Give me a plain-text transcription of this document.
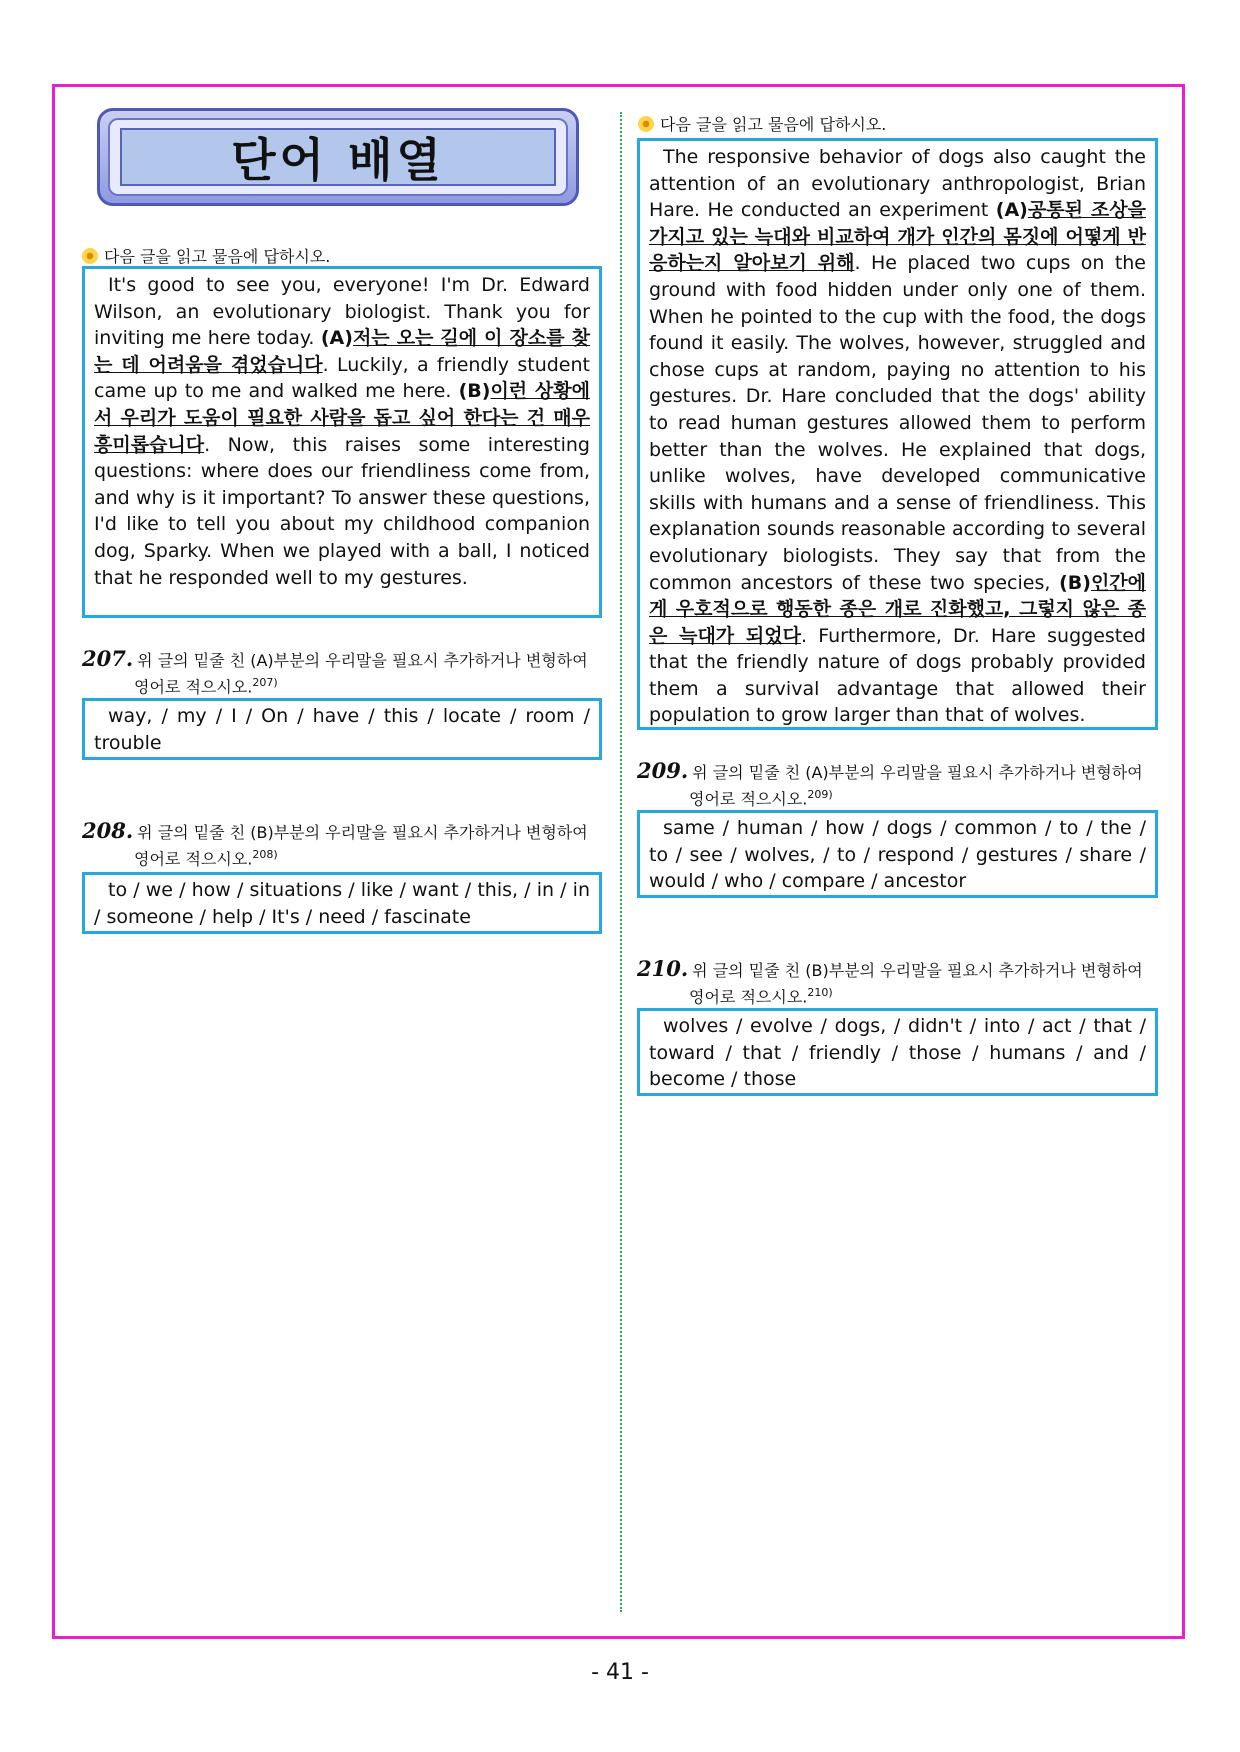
단어 배열
다음 글을 읽고 물음에 답하시오.
It's good to see you, everyone! I'm Dr. Edward Wilson, an evolutionary biologist. Thank you for inviting me here today. (A)저는 오는 길에 이 장소를 찾는 데 어려움을 겪었습니다. Luckily, a friendly student came up to me and walked me here. (B)이런 상황에서 우리가 도움이 필요한 사람을 돕고 싶어 한다는 건 매우 흥미롭습니다. Now, this raises some interesting questions: where does our friendliness come from, and why is it important? To answer these questions, I'd like to tell you about my childhood companion dog, Sparky. When we played with a ball, I noticed that he responded well to my gestures.
207. 위 글의 밑줄 친 (A)부분의 우리말을 필요시 추가하거나 변형하여
영어로 적으시오.$^{207)}$
way, / my / I / On / have / this / locate / room / trouble
208. 위 글의 밑줄 친 (B)부분의 우리말을 필요시 추가하거나 변형하여
영어로 적으시오.$^{208)}$
to / we / how / situations / like / want / this, / in / in / someone / help / It's / need / fascinate
다음 글을 읽고 물음에 답하시오.
The responsive behavior of dogs also caught the attention of an evolutionary anthropologist, Brian Hare. He conducted an experiment (A)공통된 조상을 가지고 있는 늑대와 비교하여 개가 인간의 몸짓에 어떻게 반응하는지 알아보기 위해. He placed two cups on the ground with food hidden under only one of them. When he pointed to the cup with the food, the dogs found it easily. The wolves, however, struggled and chose cups at random, paying no attention to his gestures. Dr. Hare concluded that the dogs' ability to read human gestures allowed them to perform better than the wolves. He explained that dogs, unlike wolves, have developed communicative skills with humans and a sense of friendliness. This explanation sounds reasonable according to several evolutionary biologists. They say that from the common ancestors of these two species, (B)인간에게 우호적으로 행동한 종은 개로 진화했고, 그렇지 않은 종은 늑대가 되었다. Furthermore, Dr. Hare suggested that the friendly nature of dogs probably provided them a survival advantage that allowed their population to grow larger than that of wolves.
209. 위 글의 밑줄 친 (A)부분의 우리말을 필요시 추가하거나 변형하여
영어로 적으시오.$^{209)}$
same / human / how / dogs / common / to / the / to / see / wolves, / to / respond / gestures / share / would / who / compare / ancestor
210. 위 글의 밑줄 친 (B)부분의 우리말을 필요시 추가하거나 변형하여
영어로 적으시오.$^{210)}$
wolves / evolve / dogs, / didn't / into / act / that / toward / that / friendly / those / humans / and / become / those
- 41 -
